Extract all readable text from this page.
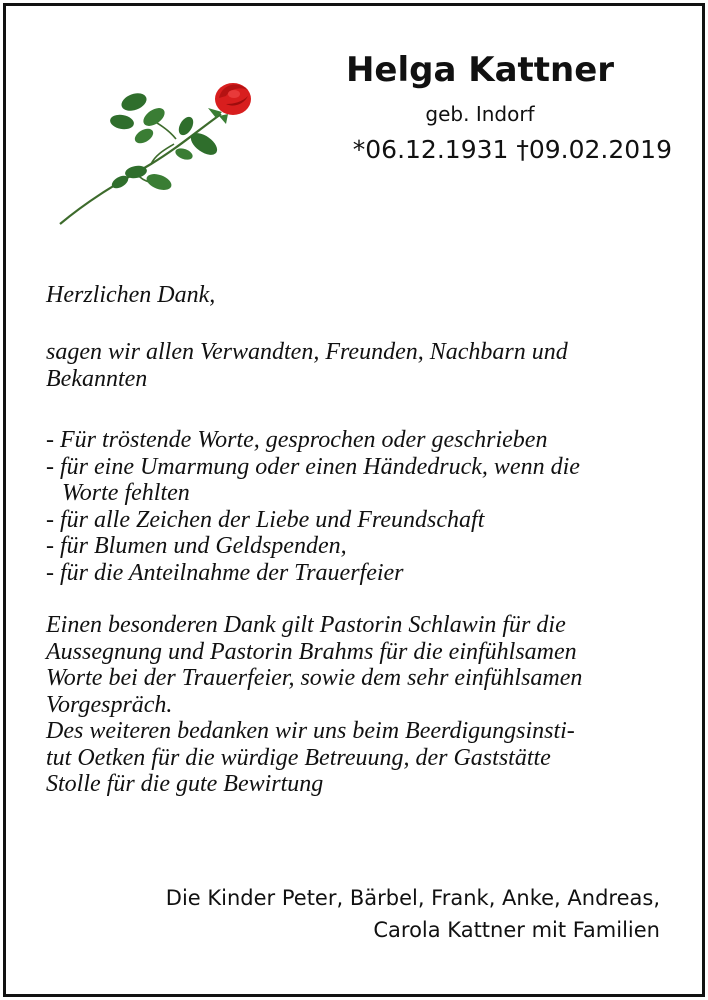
Helga Kattner
geb. Indorf
*06.12.1931 †09.02.2019
Herzlichen Dank,
sagen wir allen Verwandten, Freunden, Nachbarn und
Bekannten
- Für tröstende Worte, gesprochen oder geschrieben
- für eine Umarmung oder einen Händedruck, wenn die
Worte fehlten
- für alle Zeichen der Liebe und Freundschaft
- für Blumen und Geldspenden,
- für die Anteilnahme der Trauerfeier
Einen besonderen Dank gilt Pastorin Schlawin für die
Aussegnung und Pastorin Brahms für die einfühlsamen
Worte bei der Trauerfeier, sowie dem sehr einfühlsamen
Vorgespräch.
Des weiteren bedanken wir uns beim Beerdigungsinsti-
tut Oetken für die würdige Betreuung, der Gaststätte
Stolle für die gute Bewirtung
Die Kinder Peter, Bärbel, Frank, Anke, Andreas,
Carola Kattner mit Familien
